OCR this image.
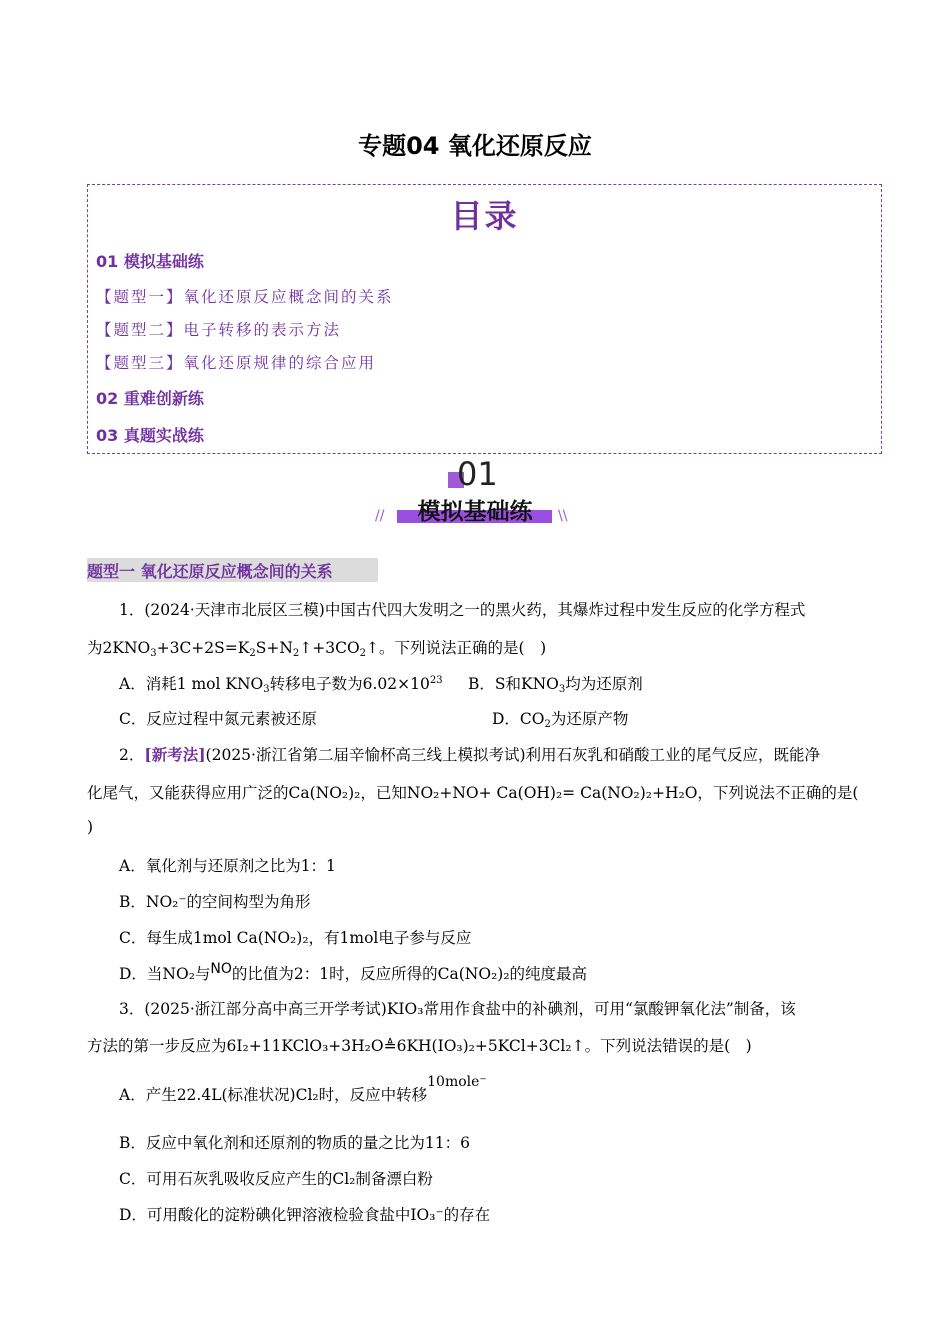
专题04 氧化还原反应
目录
01 模拟基础练
【题型一】氧化还原反应概念间的关系
【题型二】电子转移的表示方法
【题型三】氧化还原规律的综合应用
02 重难创新练
03 真题实战练
01
模拟基础练
//	\\
题型一 氧化还原反应概念间的关系
1．(2024·天津市北辰区三模)中国古代四大发明之一的黑火药，其爆炸过程中发生反应的化学方程式
为$2KNO_3+3C+2S=K_2S+N_2↑+3CO_2↑$。下列说法正确的是(　)
A．消耗1 mol $KNO_3$转移电子数为$6.02\times 10^{23}$ B．S和$KNO_3$均为还原剂
C．反应过程中氮元素被还原	D．$CO_2$为还原产物
2．[新考法](2025·浙江省第二届辛愉杯高三线上模拟考试)利用石灰乳和硝酸工业的尾气反应，既能净
化尾气，又能获得应用广泛的Ca(NO₂)₂，已知NO₂+NO+ Ca(OH)₂= Ca(NO₂)₂+H₂O，下列说法不正确的是(
)
A．氧化剂与还原剂之比为1：1
B．NO₂⁻的空间构型为角形
C．每生成1mol Ca(NO₂)₂，有1mol电子参与反应
D．当NO₂与NO的比值为2：1时，反应所得的Ca(NO₂)₂的纯度最高
3．(2025·浙江部分高中高三开学考试)KIO₃常用作食盐中的补碘剂，可用“氯酸钾氧化法”制备，该
方法的第一步反应为6I₂+11KClO₃+3H₂O≜6KH(IO₃)₂+5KCl+3Cl₂↑。下列说法错误的是(　)
A．产生22.4L(标准状况)Cl₂时，反应中转移10mole⁻
B．反应中氧化剂和还原剂的物质的量之比为11：6
C．可用石灰乳吸收反应产生的Cl₂制备漂白粉
D．可用酸化的淀粉碘化钾溶液检验食盐中IO₃⁻的存在
